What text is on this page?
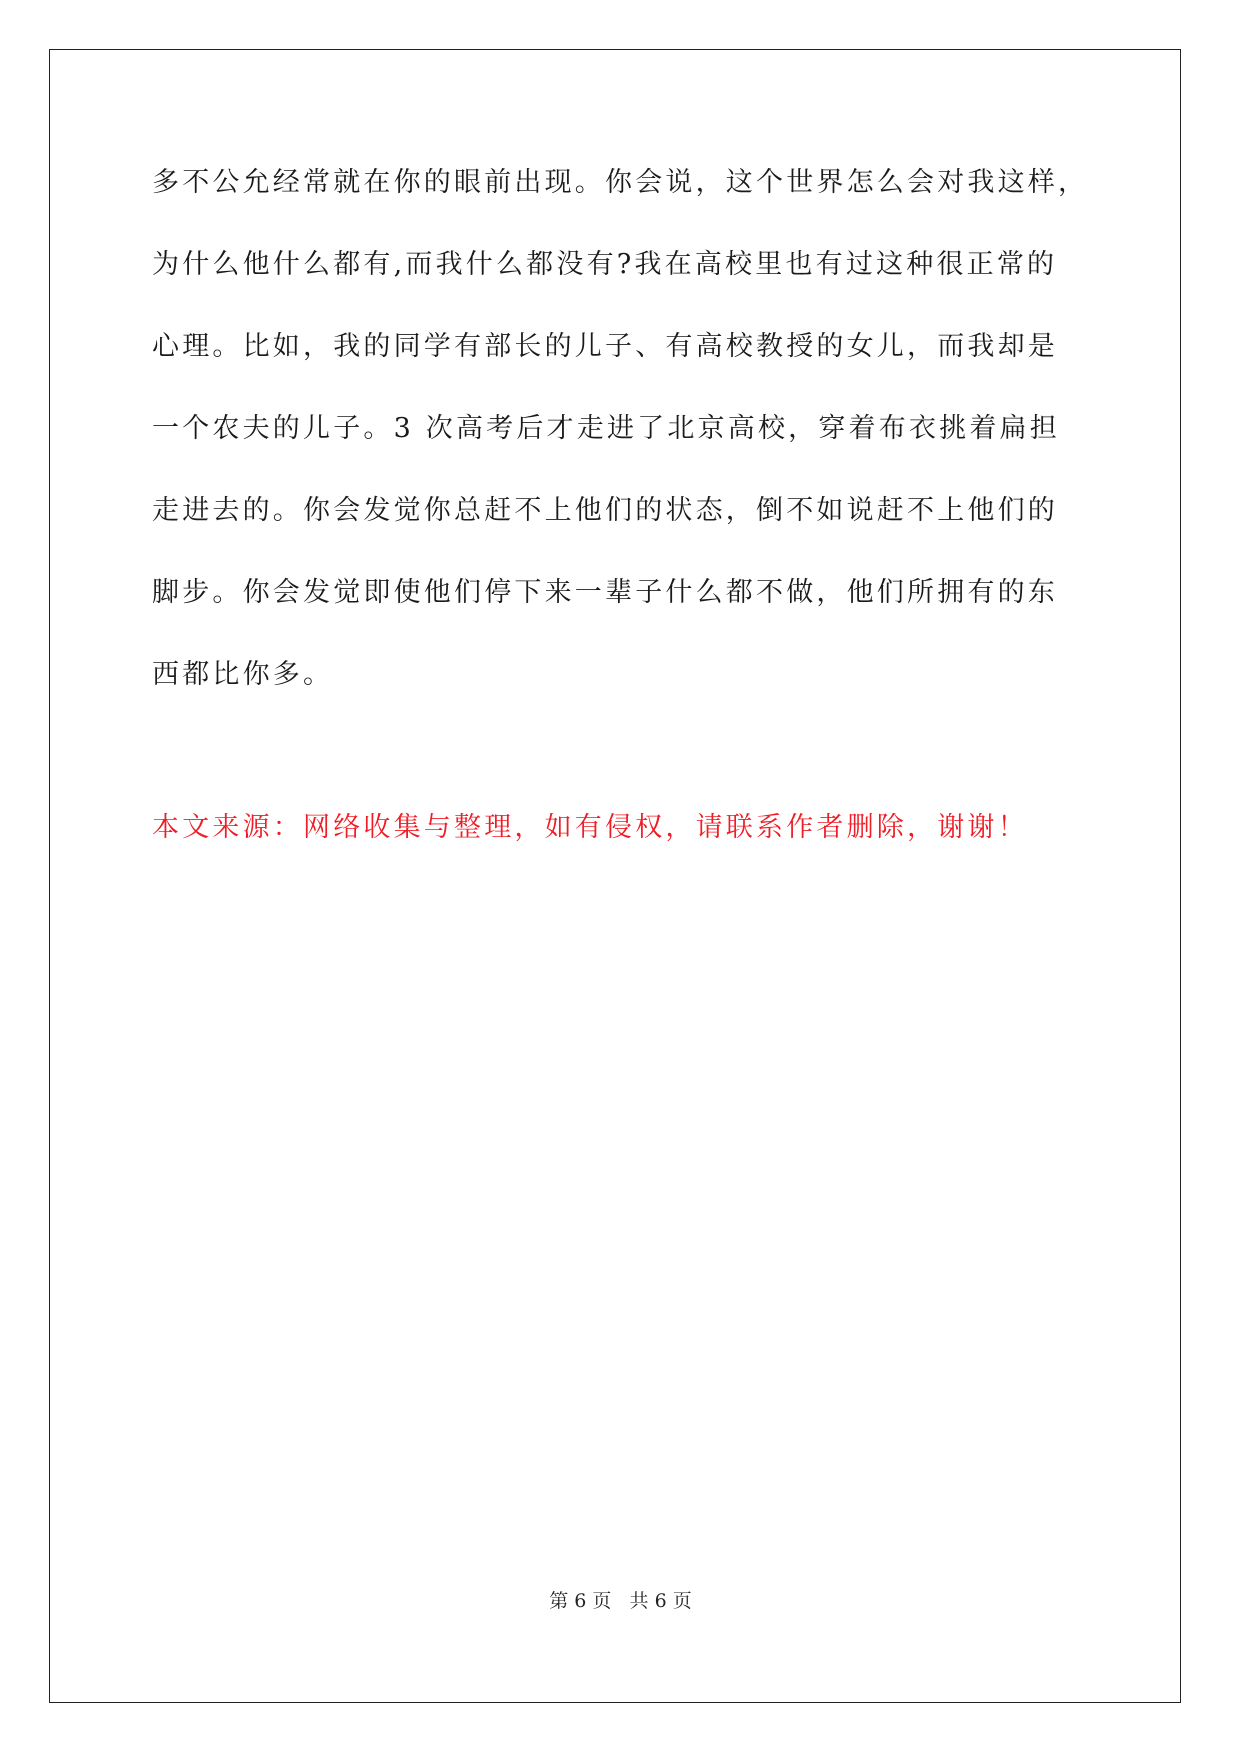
多不公允经常就在你的眼前出现。你会说，这个世界怎么会对我这样，
为什么他什么都有,而我什么都没有?我在高校里也有过这种很正常的
心理。比如，我的同学有部长的儿子、有高校教授的女儿，而我却是
一个农夫的儿子。3 次高考后才走进了北京高校，穿着布衣挑着扁担
走进去的。你会发觉你总赶不上他们的状态，倒不如说赶不上他们的
脚步。你会发觉即使他们停下来一辈子什么都不做，他们所拥有的东
西都比你多。
本文来源：网络收集与整理，如有侵权，请联系作者删除，谢谢！
第 6 页   共 6 页
